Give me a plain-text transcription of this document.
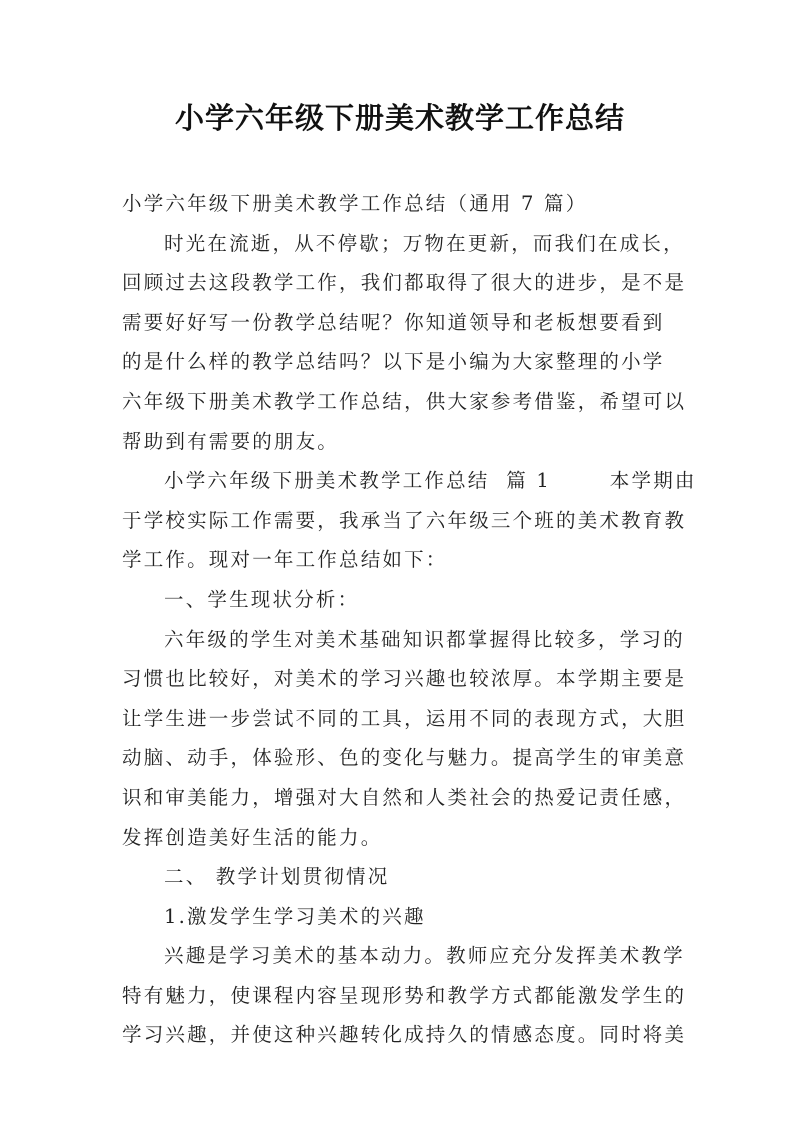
小学六年级下册美术教学工作总结
小学六年级下册美术教学工作总结（通用 7 篇）
时光在流逝，从不停歇；万物在更新，而我们在成长，
回顾过去这段教学工作，我们都取得了很大的进步，是不是
需要好好写一份教学总结呢？你知道领导和老板想要看到
的是什么样的教学总结吗？以下是小编为大家整理的小学
六年级下册美术教学工作总结，供大家参考借鉴，希望可以
帮助到有需要的朋友。
小学六年级下册美术教学工作总结  篇 1       本学期由
于学校实际工作需要，我承当了六年级三个班的美术教育教
学工作。现对一年工作总结如下：
一、学生现状分析：
六年级的学生对美术基础知识都掌握得比较多，学习的
习惯也比较好，对美术的学习兴趣也较浓厚。本学期主要是
让学生进一步尝试不同的工具，运用不同的表现方式，大胆
动脑、动手，体验形、色的变化与魅力。提高学生的审美意
识和审美能力，增强对大自然和人类社会的热爱记责任感，
发挥创造美好生活的能力。
二、 教学计划贯彻情况
1.激发学生学习美术的兴趣
兴趣是学习美术的基本动力。教师应充分发挥美术教学
特有魅力，使课程内容呈现形势和教学方式都能激发学生的
学习兴趣，并使这种兴趣转化成持久的情感态度。同时将美
